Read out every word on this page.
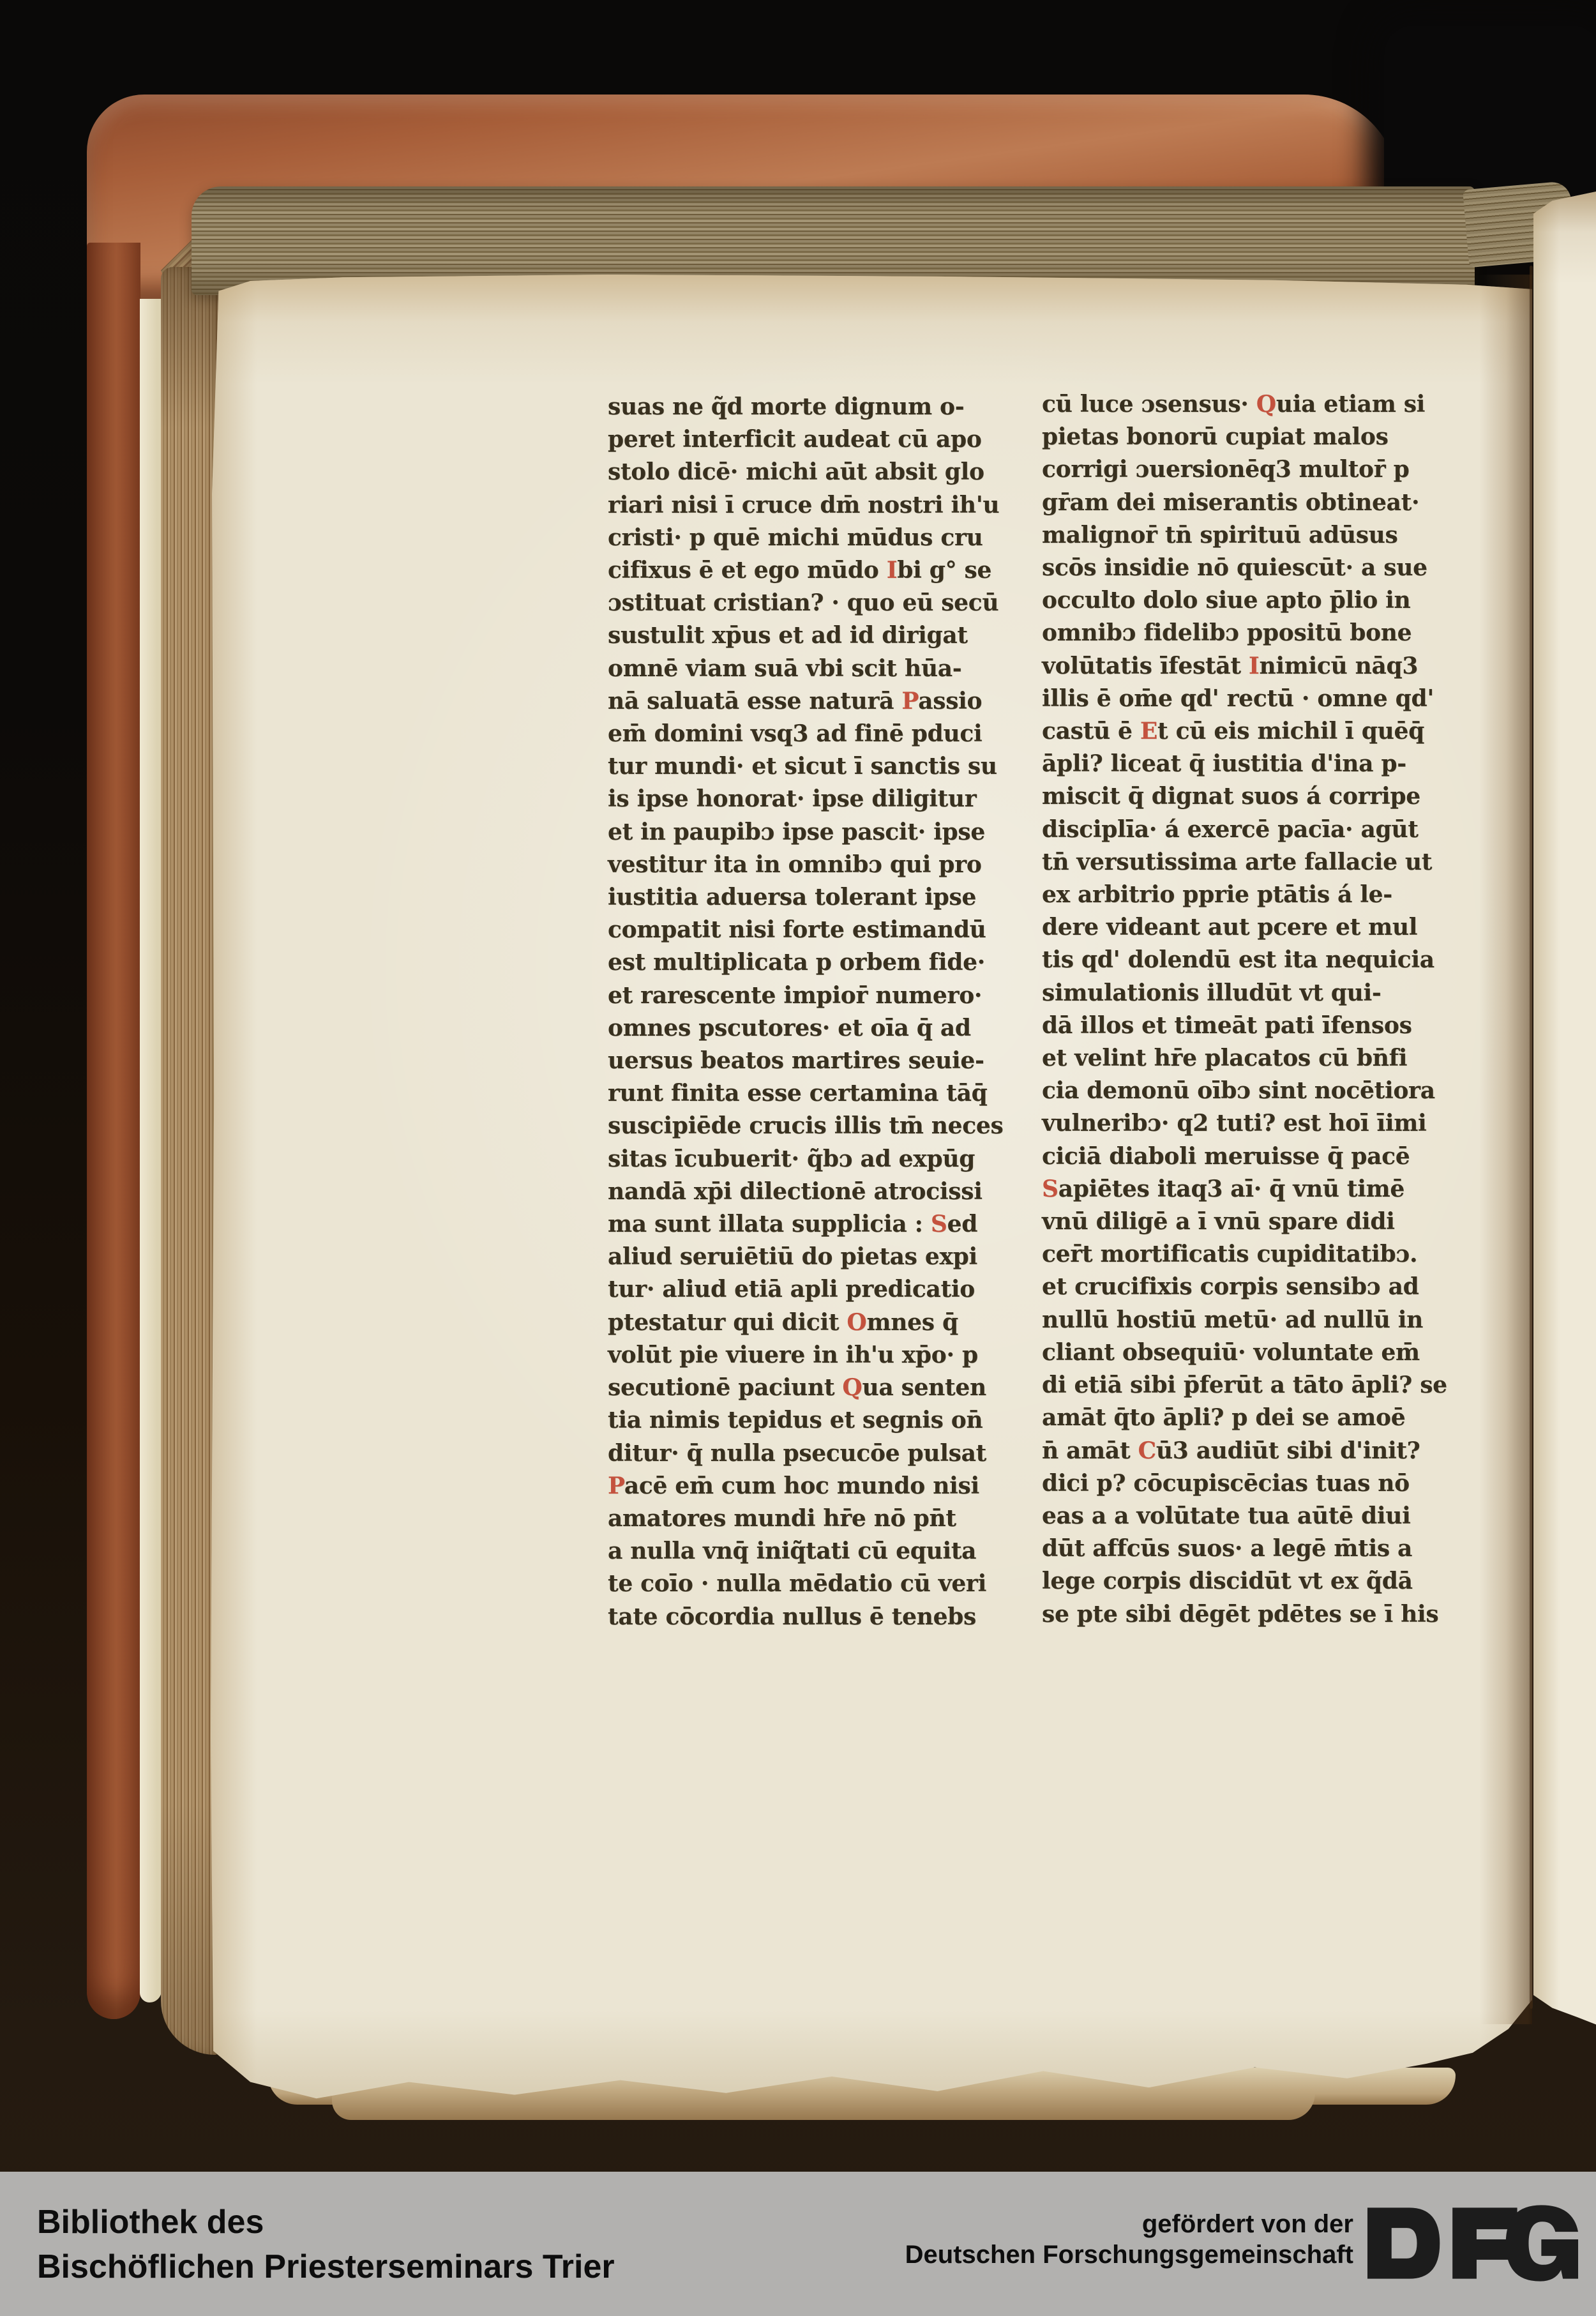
suas ne q̃d morte dignum o-
peret interficit audeat cū apo
stolo dicē· michi aūt absit glo
riari nisi ī cruce dm̄ nostri ih'u
cristi· p quē michi mūdus cru
cifixus ē et ego mūdo Ibi g° se
ɔstituat cristian? · quo eū secū
sustulit xp̄us et ad id dirigat
omnē viam suā vbi scit hūa-
nā saluatā esse naturā Passio
em̄ domini vsq3 ad finē pduci
tur mundi· et sicut ī sanctis su
is ipse honorat· ipse diligitur
et in paupibɔ ipse pascit· ipse
vestitur ita in omnibɔ qui pro
iustitia aduersa tolerant ipse
compatit nisi forte estimandū
est multiplicata p orbem fide·
et rarescente impior̄ numero·
omnes pscutores· et oīa q̄ ad
uersus beatos martires seuie-
runt finita esse certamina tāq̄
suscipiēde crucis illis tm̄ neces
sitas īcubuerit· q̃bɔ ad expūg
nandā xp̄i dilectionē atrocissi
ma sunt illata supplicia : Sed
aliud seruiētiū do pietas expi
tur· aliud etiā apli predicatio
ptestatur qui dicit Omnes q̄
volūt pie viuere in ih'u xp̄o· p
secutionē paciunt Qua senten
tia nimis tepidus et segnis on̄
ditur· q̄ nulla psecucōe pulsat
Pacē em̄ cum hoc mundo nisi
amatores mundi hr̄e nō pn̄t
a nulla vnq̄ iniq̃tati cū equita
te coīo · nulla mēdatio cū veri
tate cōcordia nullus ē tenebs
cū luce ɔsensus· Quia etiam si
pietas bonorū cupiat malos
corrigi ɔuersionēq3 multor̄ p
gr̄am dei miserantis obtineat·
malignor̄ tn̄ spirituū adūsus
scōs insidie nō quiescūt· a sue
occulto dolo siue apto p̄lio in
omnibɔ fidelibɔ ppositū bone
volūtatis īfestāt Inimicū nāq3
illis ē om̄e qd' rectū · omne qd'
castū ē Et cū eis michil ī quēq̄
āpli? liceat q̄ iustitia d'ina p-
miscit q̄ dignat suos á corripe
disciplīa· á exercē pacīa· agūt
tn̄ versutissima arte fallacie ut
ex arbitrio pprie ptātis á le-
dere videant aut pcere et mul
tis qd' dolendū est ita nequicia
simulationis illudūt vt qui-
dā illos et timeāt pati īfensos
et velint hr̄e placatos cū bn̄fi
cia demonū oībɔ sint nocētiora
vulneribɔ· q2 tuti? est hoī īimi
ciciā diaboli meruisse q̄ pacē
Sapiētes itaq3 aī· q̄ vnū timē
vnū diligē a ī vnū spare didi
cer̄t mortificatis cupiditatibɔ.
et crucifixis corpis sensibɔ ad
nullū hostiū metū· ad nullū in
cliant obsequiū· voluntate em̄
di etiā sibi p̄ferūt a tāto āpli? se
amāt q̄to āpli? p dei se amoē
n̄ amāt Cū3 audiūt sibi d'init?
dici p? cōcupiscēcias tuas nō
eas a a volūtate tua aūtē diui
dūt affcūs suos· a legē m̄tis a
lege corpis discidūt vt ex q̃dā
se pte sibi dēgēt pdētes se ī his
Bibliothek des
Bischöflichen Priesterseminars Trier
gefördert von der
Deutschen Forschungsgemeinschaft
